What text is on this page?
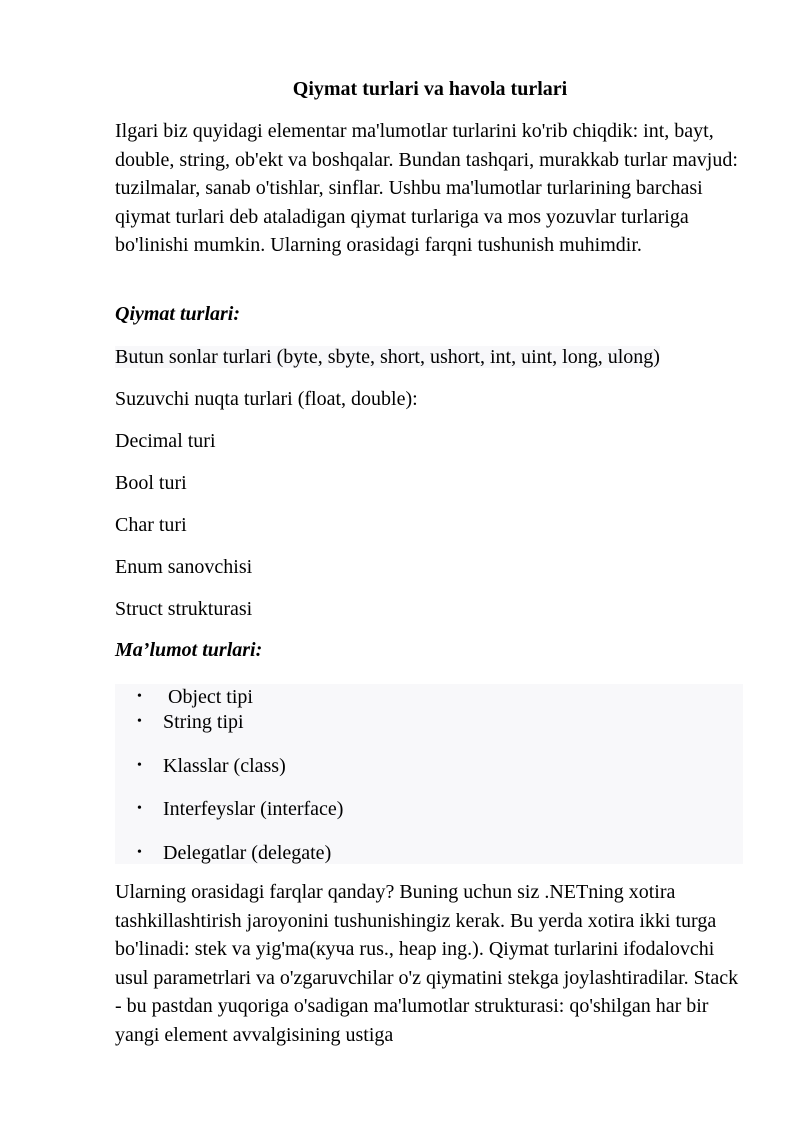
Qiymat turlari va havola turlari

Ilgari biz quyidagi elementar ma'lumotlar turlarini ko'rib chiqdik: int, bayt, double, string, ob'ekt va boshqalar. Bundan tashqari, murakkab turlar mavjud: tuzilmalar, sanab o'tishlar, sinflar. Ushbu ma'lumotlar turlarining barchasi qiymat turlari deb ataladigan qiymat turlariga va mos yozuvlar turlariga bo'linishi mumkin. Ularning orasidagi farqni tushunish muhimdir.

Qiymat turlari:

Butun sonlar turlari (byte, sbyte, short, ushort, int, uint, long, ulong)

Suzuvchi nuqta turlari (float, double):

Decimal turi

Bool turi

Char turi

Enum sanovchisi

Struct strukturasi

Ma’lumot turlari:

• Object tipi
• String tipi
• Klasslar (class)
• Interfeyslar (interface)
• Delegatlar (delegate)

Ularning orasidagi farqlar qanday? Buning uchun siz .NETning xotira tashkillashtirish jaroyonini tushunishingiz kerak. Bu yerda xotira ikki turga bo'linadi: stek va yig'ma(куча rus., heap ing.). Qiymat turlarini ifodalovchi usul parametrlari va o'zgaruvchilar o'z qiymatini stekga joylashtiradilar. Stack - bu pastdan yuqoriga o'sadigan ma'lumotlar strukturasi: qo'shilgan har bir yangi element avvalgisining ustiga
